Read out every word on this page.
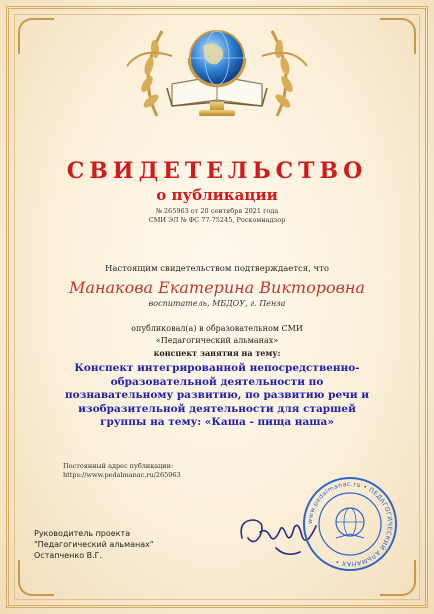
СВИДЕТЕЛЬСТВО
о публикации
№ 265963 от 20 сентября 2021 года
СМИ ЭЛ № ФС 77-75245, Роскомнадзор
Настоящим свидетельством подтверждается, что
Манакова Екатерина Викторовна
воспитатель, МБДОУ, г. Пенза
опубликовал(а) в образовательном СМИ
«Педагогический альманах»
конспект занятия на тему:
Конспект интегрированной непосредственно-образовательной деятельности по познавательному развитию, по развитию речи и изобразительной деятельности для старшей группы на тему: «Каша - пища наша»
Постоянный адрес публикации:
https://www.pedalmanac.ru/265963
Руководитель проекта
"Педагогический альманах"
Остапченко В.Г.
www.pedalmanac.ru • ПЕДАГОГИЧЕСКИЙ АЛЬМАНАХ •
